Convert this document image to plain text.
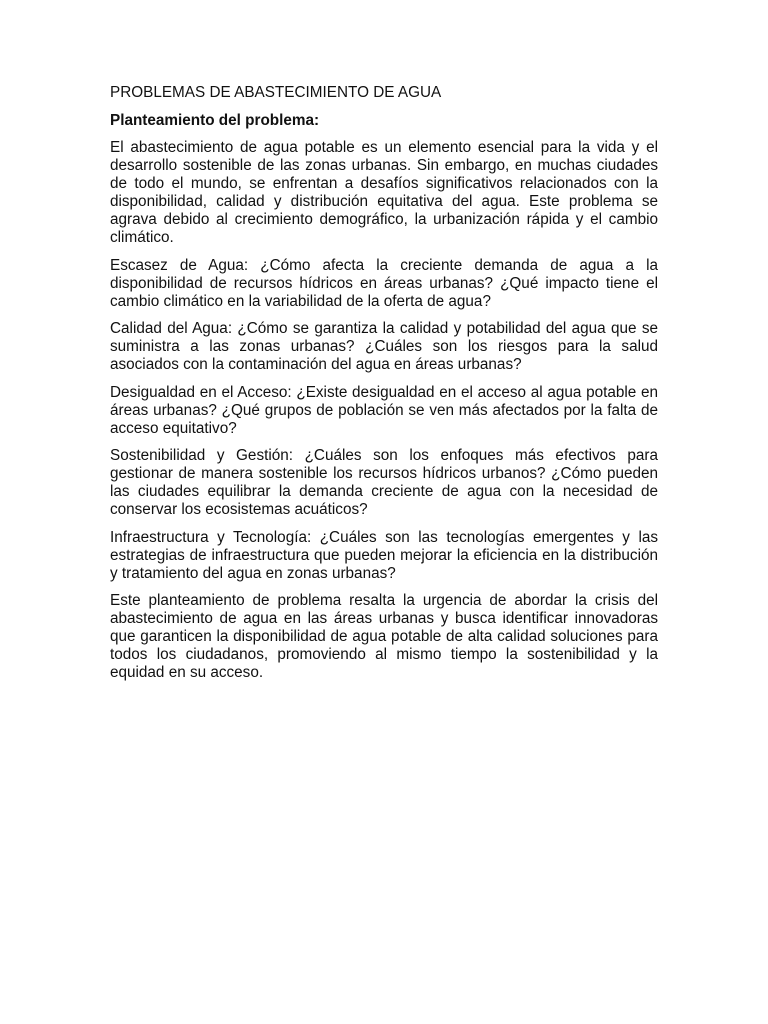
PROBLEMAS DE ABASTECIMIENTO DE AGUA
Planteamiento del problema:

El abastecimiento de agua potable es un elemento esencial para la vida y el desarrollo sostenible de las zonas urbanas. Sin embargo, en muchas ciudades de todo el mundo, se enfrentan a desafíos significativos relacionados con la disponibilidad, calidad y distribución equitativa del agua. Este problema se agrava debido al crecimiento demográfico, la urbanización rápida y el cambio climático.

Escasez de Agua: ¿Cómo afecta la creciente demanda de agua a la disponibilidad de recursos hídricos en áreas urbanas? ¿Qué impacto tiene el cambio climático en la variabilidad de la oferta de agua?

Calidad del Agua: ¿Cómo se garantiza la calidad y potabilidad del agua que se suministra a las zonas urbanas? ¿Cuáles son los riesgos para la salud asociados con la contaminación del agua en áreas urbanas?

Desigualdad en el Acceso: ¿Existe desigualdad en el acceso al agua potable en áreas urbanas? ¿Qué grupos de población se ven más afectados por la falta de acceso equitativo?

Sostenibilidad y Gestión: ¿Cuáles son los enfoques más efectivos para gestionar de manera sostenible los recursos hídricos urbanos? ¿Cómo pueden las ciudades equilibrar la demanda creciente de agua con la necesidad de conservar los ecosistemas acuáticos?

Infraestructura y Tecnología: ¿Cuáles son las tecnologías emergentes y las estrategias de infraestructura que pueden mejorar la eficiencia en la distribución y tratamiento del agua en zonas urbanas?

Este planteamiento de problema resalta la urgencia de abordar la crisis del abastecimiento de agua en las áreas urbanas y busca identificar innovadoras que garanticen la disponibilidad de agua potable de alta calidad soluciones para todos los ciudadanos, promoviendo al mismo tiempo la sostenibilidad y la equidad en su acceso.
